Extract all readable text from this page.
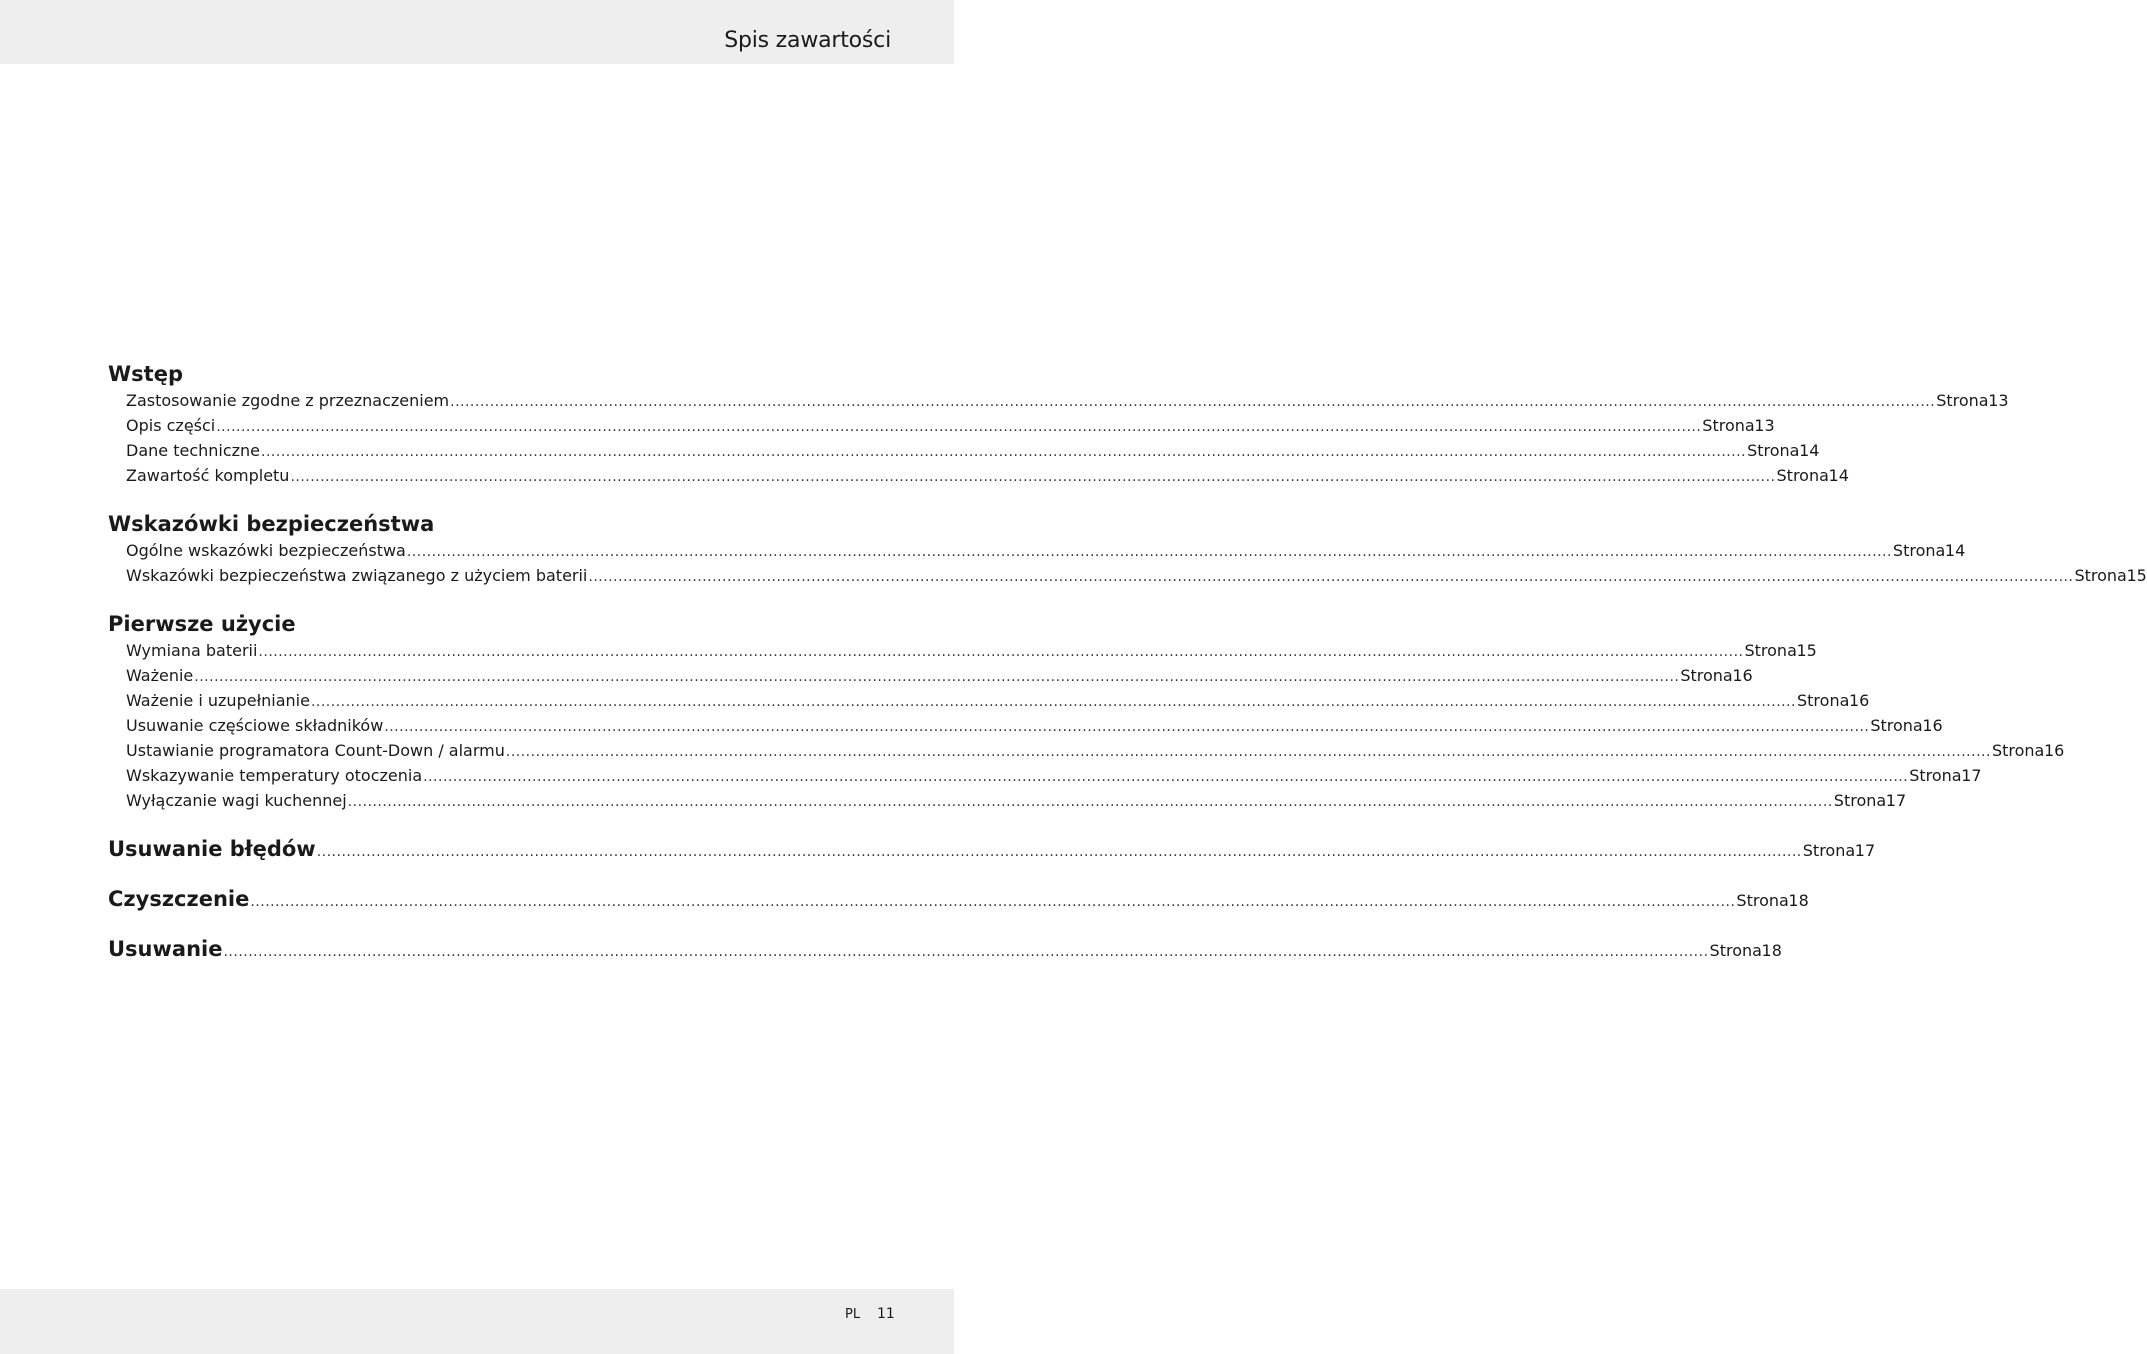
Spis zawartości
Wstęp
Zastosowanie zgodne z przeznaczeniem ............................................................................................................................................................................................................................................................................................................ Strona 13
Opis części ............................................................................................................................................................................................................................................................................................................ Strona 13
Dane techniczne ............................................................................................................................................................................................................................................................................................................ Strona 14
Zawartość kompletu ............................................................................................................................................................................................................................................................................................................ Strona 14
Wskazówki bezpieczeństwa
Ogólne wskazówki bezpieczeństwa ............................................................................................................................................................................................................................................................................................................ Strona 14
Wskazówki bezpieczeństwa związanego z użyciem baterii ............................................................................................................................................................................................................................................................................................................ Strona 15
Pierwsze użycie
Wymiana baterii ............................................................................................................................................................................................................................................................................................................ Strona 15
Ważenie ............................................................................................................................................................................................................................................................................................................ Strona 16
Ważenie i uzupełnianie ............................................................................................................................................................................................................................................................................................................ Strona 16
Usuwanie częściowe składników ............................................................................................................................................................................................................................................................................................................ Strona 16
Ustawianie programatora Count-Down / alarmu ............................................................................................................................................................................................................................................................................................................ Strona 16
Wskazywanie temperatury otoczenia ............................................................................................................................................................................................................................................................................................................ Strona 17
Wyłączanie wagi kuchennej ............................................................................................................................................................................................................................................................................................................ Strona 17
Usuwanie błędów ............................................................................................................................................................................................................................................................................................................ Strona 17
Czyszczenie ............................................................................................................................................................................................................................................................................................................ Strona 18
Usuwanie ............................................................................................................................................................................................................................................................................................................ Strona 18
PL 11
